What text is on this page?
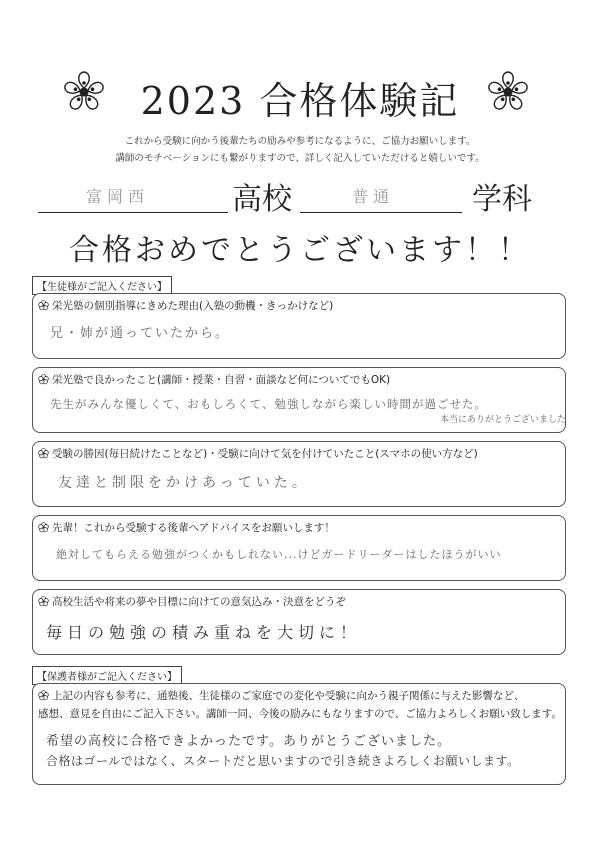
2023 合格体験記
これから受験に向かう後輩たちの励みや参考になるように、ご協力お願いします。
講師のモチベーションにも繋がりますので、詳しく記入していただけると嬉しいです。
富岡西	高校	普通	学科
合格おめでとうございます！！
【生徒様がご記入ください】
栄光塾の個別指導にきめた理由(入塾の動機・きっかけなど)
兄・姉が通っていたから。
栄光塾で良かったこと(講師・授業・自習・面談など何についてでもOK)
先生がみんな優しくて、おもしろくて、勉強しながら楽しい時間が過ごせた。
本当にありがとうございました
受験の勝因(毎日続けたことなど)・受験に向けて気を付けていたこと(スマホの使い方など)
友達と制限をかけあっていた。
先輩！これから受験する後輩へアドバイスをお願いします！
絶対してもらえる勉強がつくかもしれない...けどガードリーダーはしたほうがいい
高校生活や将来の夢や目標に向けての意気込み・決意をどうぞ
毎日の勉強の積み重ねを大切に！
【保護者様がご記入ください】
上記の内容も参考に、通塾後、生徒様のご家庭での変化や受験に向かう親子関係に与えた影響など、
感想、意見を自由にご記入下さい。講師一同、今後の励みにもなりますので、ご協力よろしくお願い致します。
希望の高校に合格できよかったです。ありがとうございました。
合格はゴールではなく、スタートだと思いますので引き続きよろしくお願いします。
